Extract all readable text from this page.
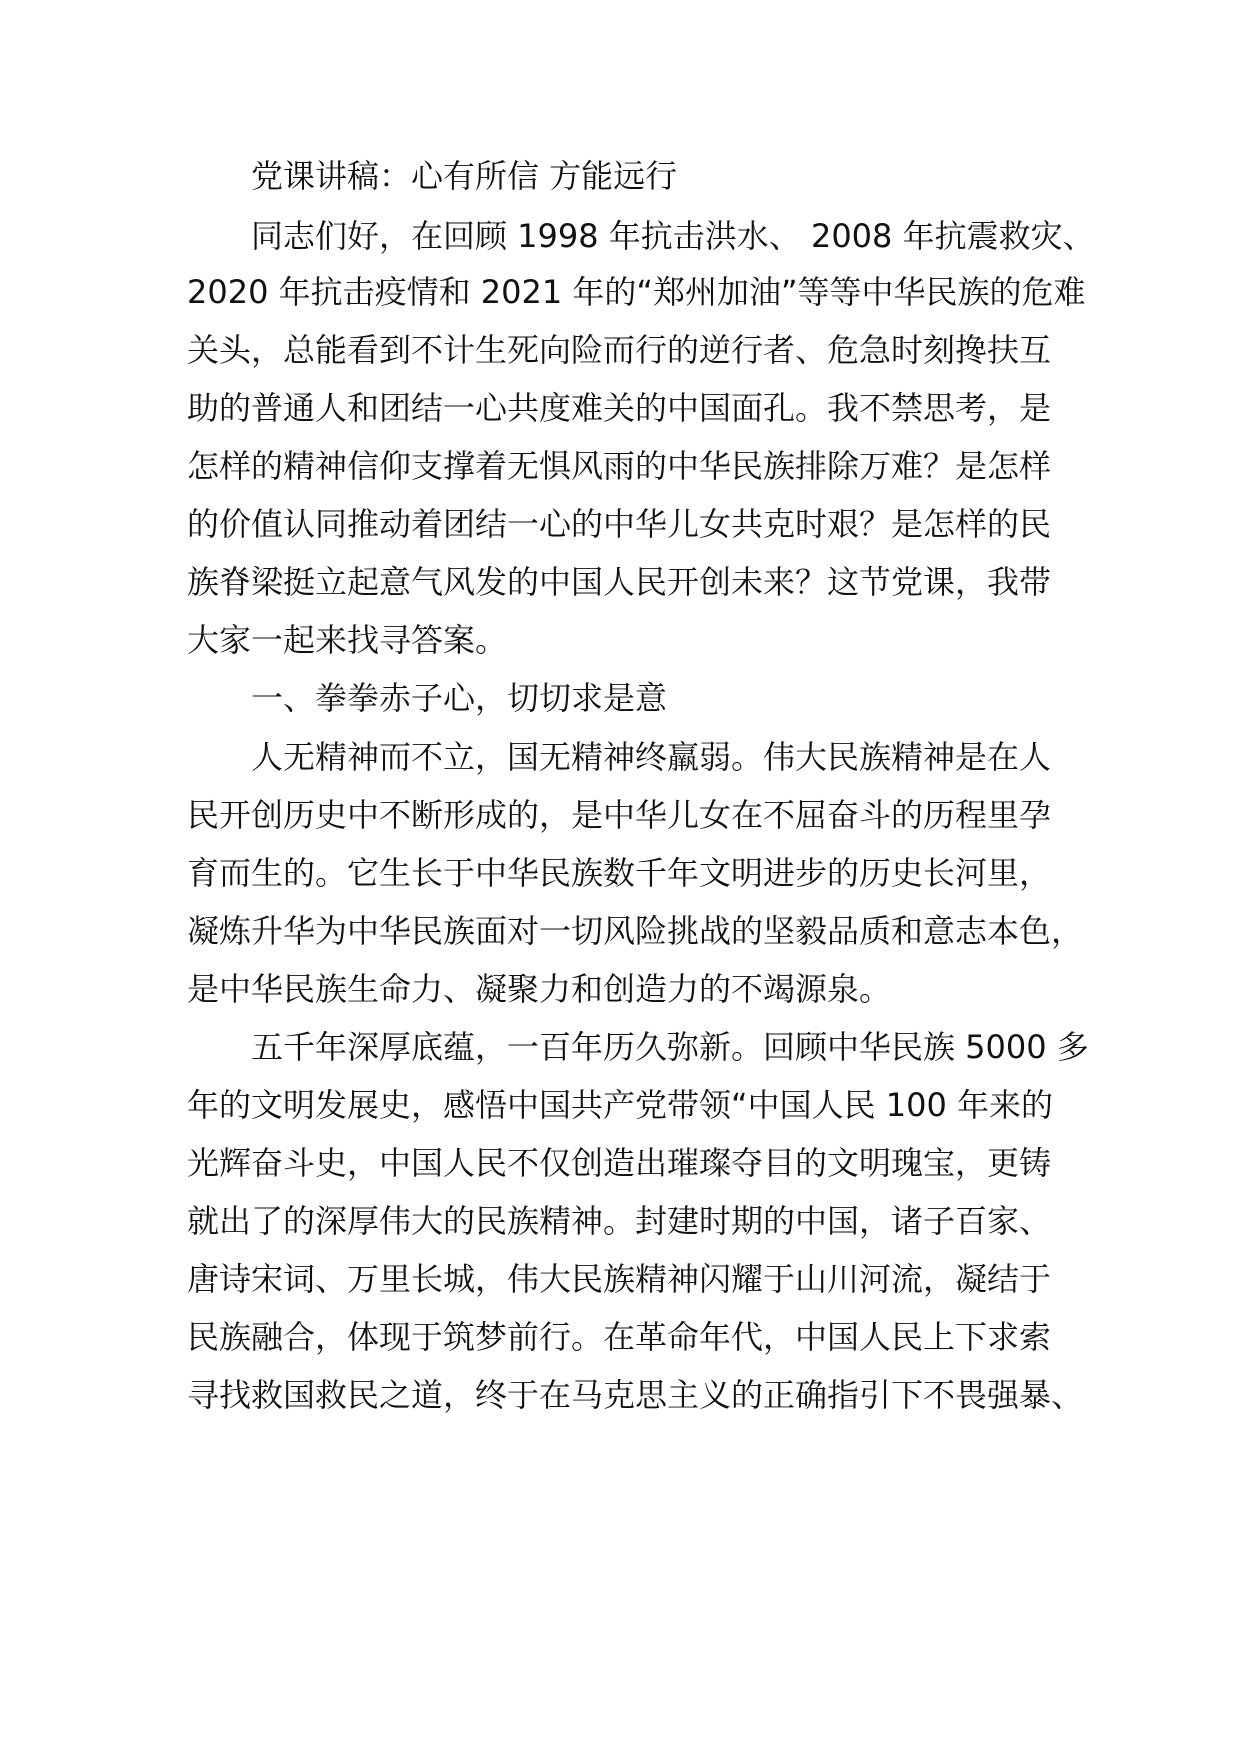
党课讲稿：心有所信 方能远行
同志们好，在回顾 1998 年抗击洪水、 2008 年抗震救灾、
2020 年抗击疫情和 2021 年的“郑州加油”等等中华民族的危难
关头，总能看到不计生死向险而行的逆行者、危急时刻搀扶互
助的普通人和团结一心共度难关的中国面孔。我不禁思考，是
怎样的精神信仰支撑着无惧风雨的中华民族排除万难？是怎样
的价值认同推动着团结一心的中华儿女共克时艰？是怎样的民
族脊梁挺立起意气风发的中国人民开创未来？这节党课，我带
大家一起来找寻答案。
一、拳拳赤子心，切切求是意
人无精神而不立，国无精神终羸弱。伟大民族精神是在人
民开创历史中不断形成的，是中华儿女在不屈奋斗的历程里孕
育而生的。它生长于中华民族数千年文明进步的历史长河里，
凝炼升华为中华民族面对一切风险挑战的坚毅品质和意志本色，
是中华民族生命力、凝聚力和创造力的不竭源泉。
五千年深厚底蕴，一百年历久弥新。回顾中华民族 5000 多
年的文明发展史，感悟中国共产党带领“中国人民 100 年来的
光辉奋斗史，中国人民不仅创造出璀璨夺目的文明瑰宝，更铸
就出了的深厚伟大的民族精神。封建时期的中国，诸子百家、
唐诗宋词、万里长城，伟大民族精神闪耀于山川河流，凝结于
民族融合，体现于筑梦前行。在革命年代，中国人民上下求索
寻找救国救民之道，终于在马克思主义的正确指引下不畏强暴、
